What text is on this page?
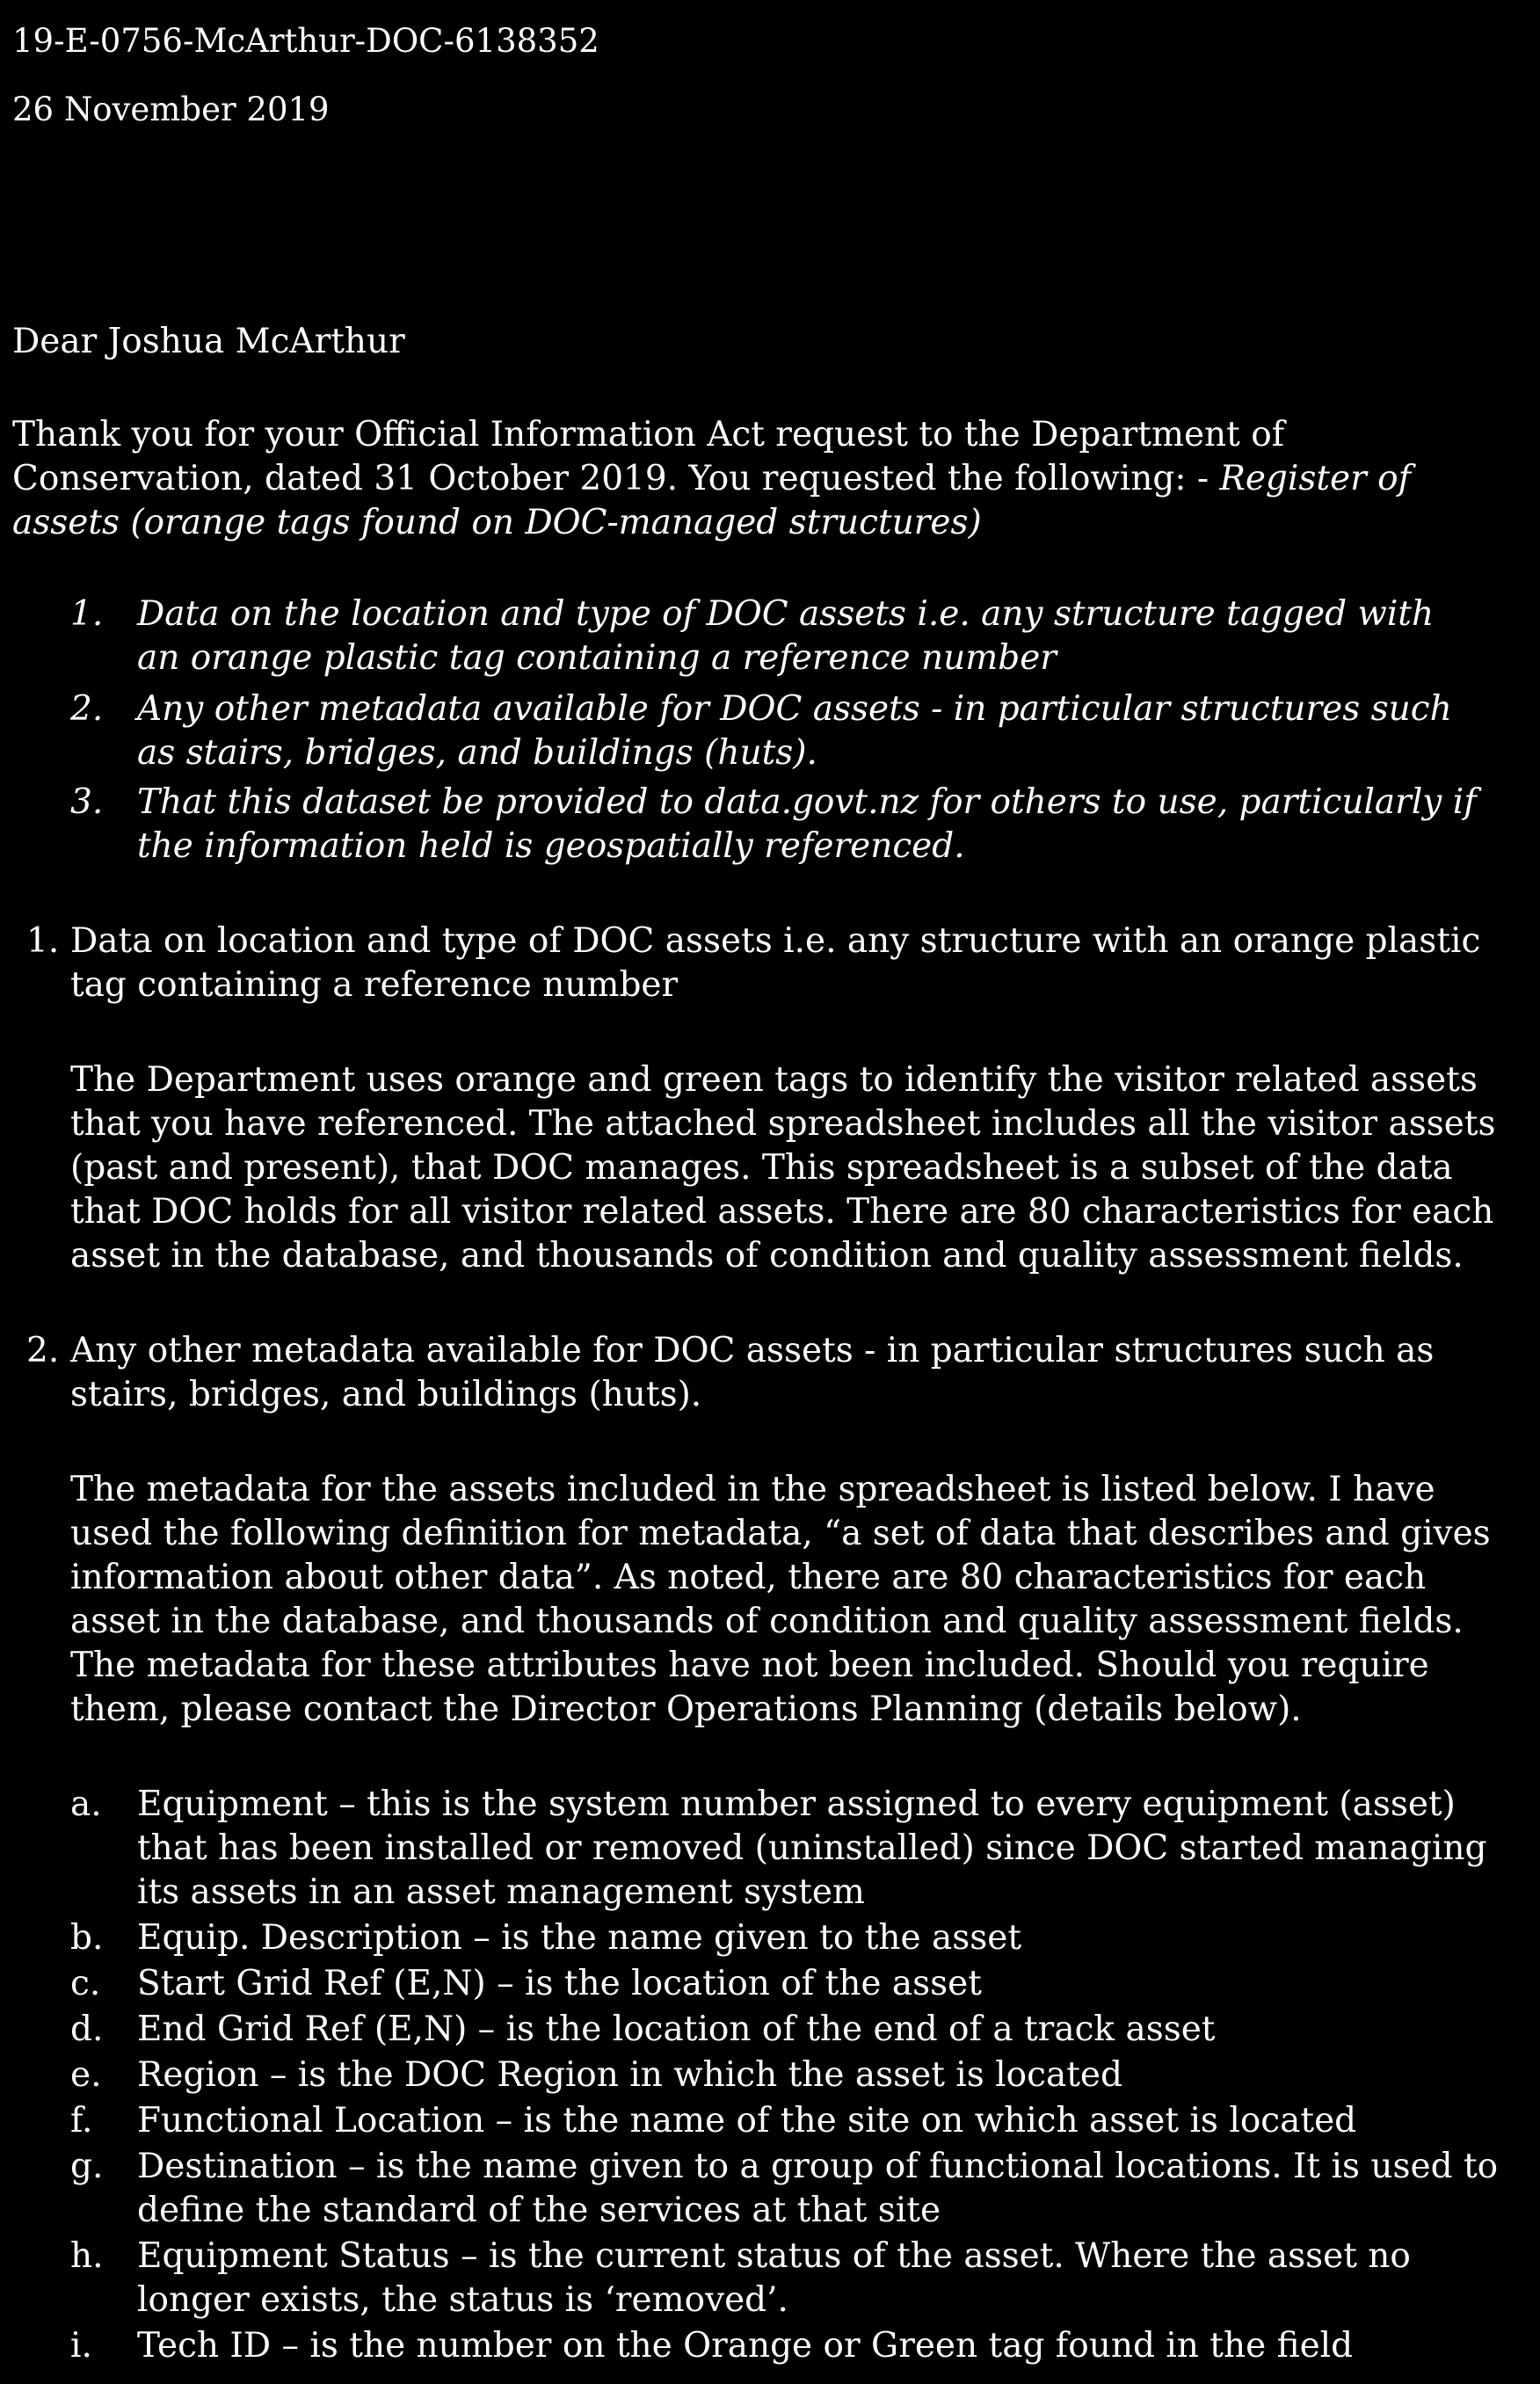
19-E-0756-McArthur-DOC-6138352
26 November 2019
Dear Joshua McArthur
Thank you for your Official Information Act request to the Department of
Conservation, dated 31 October 2019. You requested the following: - Register of
assets (orange tags found on DOC-managed structures)
1. Data on the location and type of DOC assets i.e. any structure tagged with
an orange plastic tag containing a reference number
2. Any other metadata available for DOC assets - in particular structures such
as stairs, bridges, and buildings (huts).
3. That this dataset be provided to data.govt.nz for others to use, particularly if
the information held is geospatially referenced.
1. Data on location and type of DOC assets i.e. any structure with an orange plastic
tag containing a reference number
The Department uses orange and green tags to identify the visitor related assets
that you have referenced. The attached spreadsheet includes all the visitor assets
(past and present), that DOC manages. This spreadsheet is a subset of the data
that DOC holds for all visitor related assets. There are 80 characteristics for each
asset in the database, and thousands of condition and quality assessment fields.
2. Any other metadata available for DOC assets - in particular structures such as
stairs, bridges, and buildings (huts).
The metadata for the assets included in the spreadsheet is listed below. I have
used the following definition for metadata, “a set of data that describes and gives
information about other data”. As noted, there are 80 characteristics for each
asset in the database, and thousands of condition and quality assessment fields.
The metadata for these attributes have not been included. Should you require
them, please contact the Director Operations Planning (details below).
a. Equipment – this is the system number assigned to every equipment (asset)
that has been installed or removed (uninstalled) since DOC started managing
its assets in an asset management system
b. Equip. Description – is the name given to the asset
c. Start Grid Ref (E,N) – is the location of the asset
d. End Grid Ref (E,N) – is the location of the end of a track asset
e. Region – is the DOC Region in which the asset is located
f. Functional Location – is the name of the site on which asset is located
g. Destination – is the name given to a group of functional locations. It is used to
define the standard of the services at that site
h. Equipment Status – is the current status of the asset. Where the asset no
longer exists, the status is ‘removed’.
i. Tech ID – is the number on the Orange or Green tag found in the field
